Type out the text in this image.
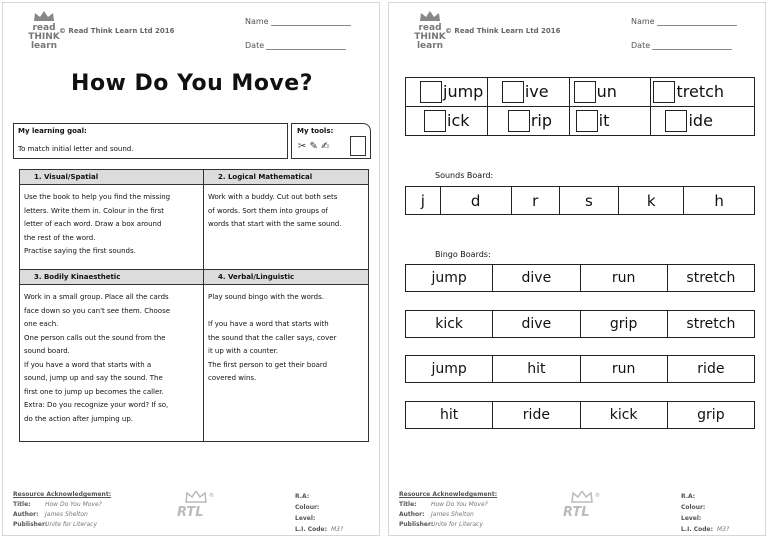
read
THINK
learn
© Read Think Learn Ltd 2016
Name
Date
How Do You Move?
My learning goal:
To match initial letter and sound.
My tools:
✂ ✎ ✍
1. Visual/Spatial
Use the book to help you find the missing
letters. Write them in. Colour in the first
letter of each word. Draw a box around
the rest of the word.
Practise saying the first sounds.
2. Logical Mathematical
Work with a buddy. Cut out both sets
of words. Sort them into groups of
words that start with the same sound.
3. Bodily Kinaesthetic
Work in a small group. Place all the cards
face down so you can't see them. Choose
one each.
One person calls out the sound from the
sound board.
If you have a word that starts with a
sound, jump up and say the sound. The
first one to jump up becomes the caller.
Extra: Do you recognize your word? If so,
do the action after jumping up.
4. Verbal/Linguistic
Play sound bingo with the words.

If you have a word that starts with
the sound that the caller says, cover
it up with a counter.
The first person to get their board
covered wins.
Resource Acknowledgement:
Title: How Do You Move?
Author: James Shelton
Publisher:Unite for Literacy
RTL
®	R.A:
Colour:
Level:
L.I. Code: M3?
read
THINK
learn
© Read Think Learn Ltd 2016
Name
Date
jump	ive	un	tretch

ick	rip	it	ide
Sounds Board:
j	d	r	s	k	h
Bingo Boards:
jump	dive	run	stretch
kick	dive	grip	stretch
jump	hit	run	ride
hit	ride	kick	grip
Resource Acknowledgement:
Title: How Do You Move?
Author: James Shelton
Publisher:Unite for Literacy
RTL
®	R.A:
Colour:
Level:
L.I. Code: M3?
